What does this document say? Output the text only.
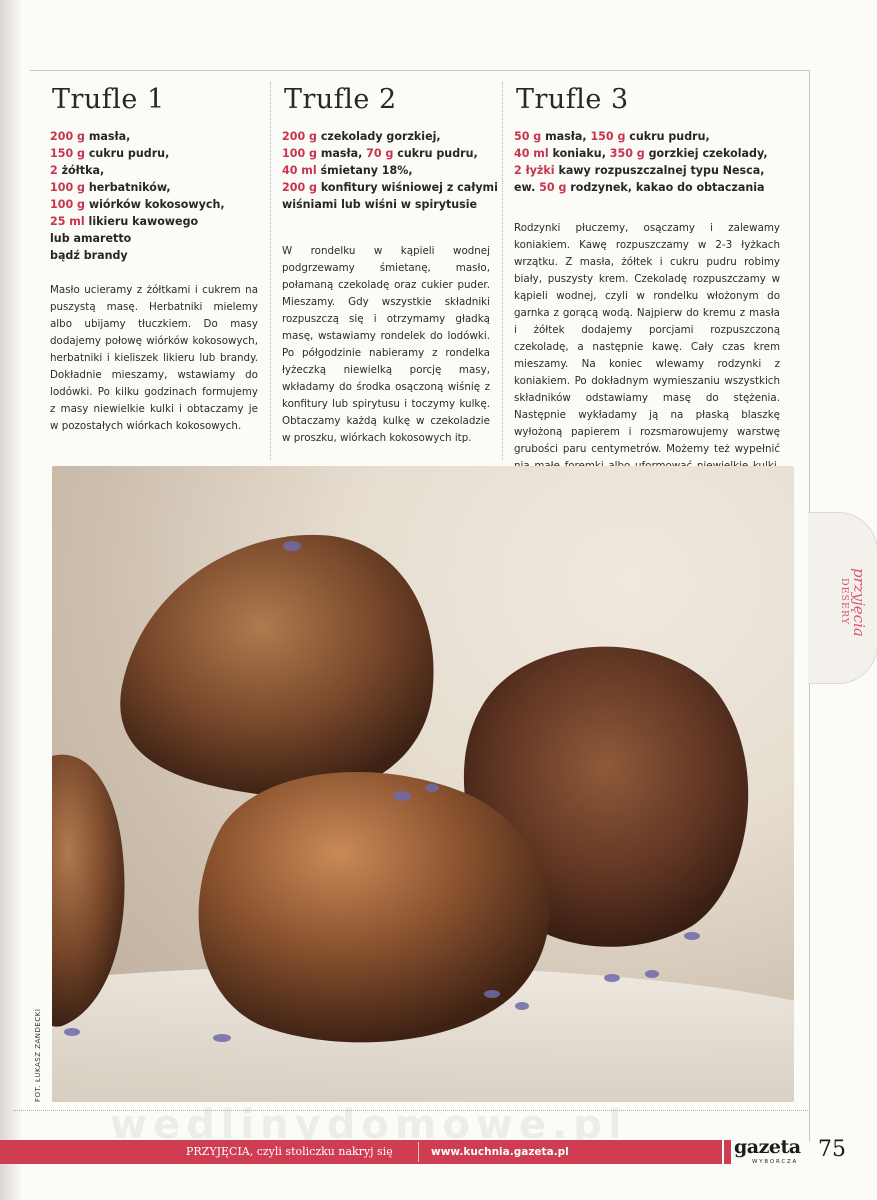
Trufle 1
200 g masła,
150 g cukru pudru,
2 żółtka,
100 g herbatników,
100 g wiórków kokosowych,
25 ml likieru kawowego
lub amaretto
bądź brandy

Masło ucieramy z żółtkami i cukrem na puszystą masę. Herbatniki mielemy albo ubijamy tłuczkiem. Do masy dodajemy połowę wiórków kokosowych, herbatniki i kieliszek likieru lub brandy. Dokładnie mieszamy, wstawiamy do lodówki. Po kilku godzinach formujemy z masy niewielkie kulki i obtaczamy je w pozostałych wiórkach kokosowych.

Trufle 2
200 g czekolady gorzkiej,
100 g masła, 70 g cukru pudru,
40 ml śmietany 18%,
200 g konfitury wiśniowej z całymi
wiśniami lub wiśni w spirytusie

W rondelku w kąpieli wodnej podgrzewamy śmietanę, masło, połamaną czekoladę oraz cukier puder. Mieszamy. Gdy wszystkie składniki rozpuszczą się i otrzymamy gładką masę, wstawiamy rondelek do lodówki. Po półgodzinie nabieramy z rondelka łyżeczką niewielką porcję masy, wkładamy do środka osączoną wiśnię z konfitury lub spirytusu i toczymy kulkę. Obtaczamy każdą kulkę w czekoladzie w proszku, wiórkach kokosowych itp.

Trufle 3
50 g masła, 150 g cukru pudru,
40 ml koniaku, 350 g gorzkiej czekolady,
2 łyżki kawy rozpuszczalnej typu Nesca,
ew. 50 g rodzynek, kakao do obtaczania

Rodzynki płuczemy, osączamy i zalewamy koniakiem. Kawę rozpuszczamy w 2-3 łyżkach wrzątku. Z masła, żółtek i cukru pudru robimy biały, puszysty krem. Czekoladę rozpuszczamy w kąpieli wodnej, czyli w rondelku włożonym do garnka z gorącą wodą. Najpierw do kremu z masła i żółtek dodajemy porcjami rozpuszczoną czekoladę, a następnie kawę. Cały czas krem mieszamy. Na koniec wlewamy rodzynki z koniakiem. Po dokładnym wymieszaniu wszystkich składników odstawiamy masę do stężenia. Następnie wykładamy ją na płaską blaszkę wyłożoną papierem i rozsmarowujemy warstwę grubości paru centymetrów. Możemy też wypełnić

FOT. ŁUKASZ ZANDECKI
przyjęcia
DESERY
wedlinydomowe.pl
PRZYJĘCIA, czyli stoliczku nakryj się	www.kuchnia.gazeta.pl	gazeta
WYBORCZA 75
